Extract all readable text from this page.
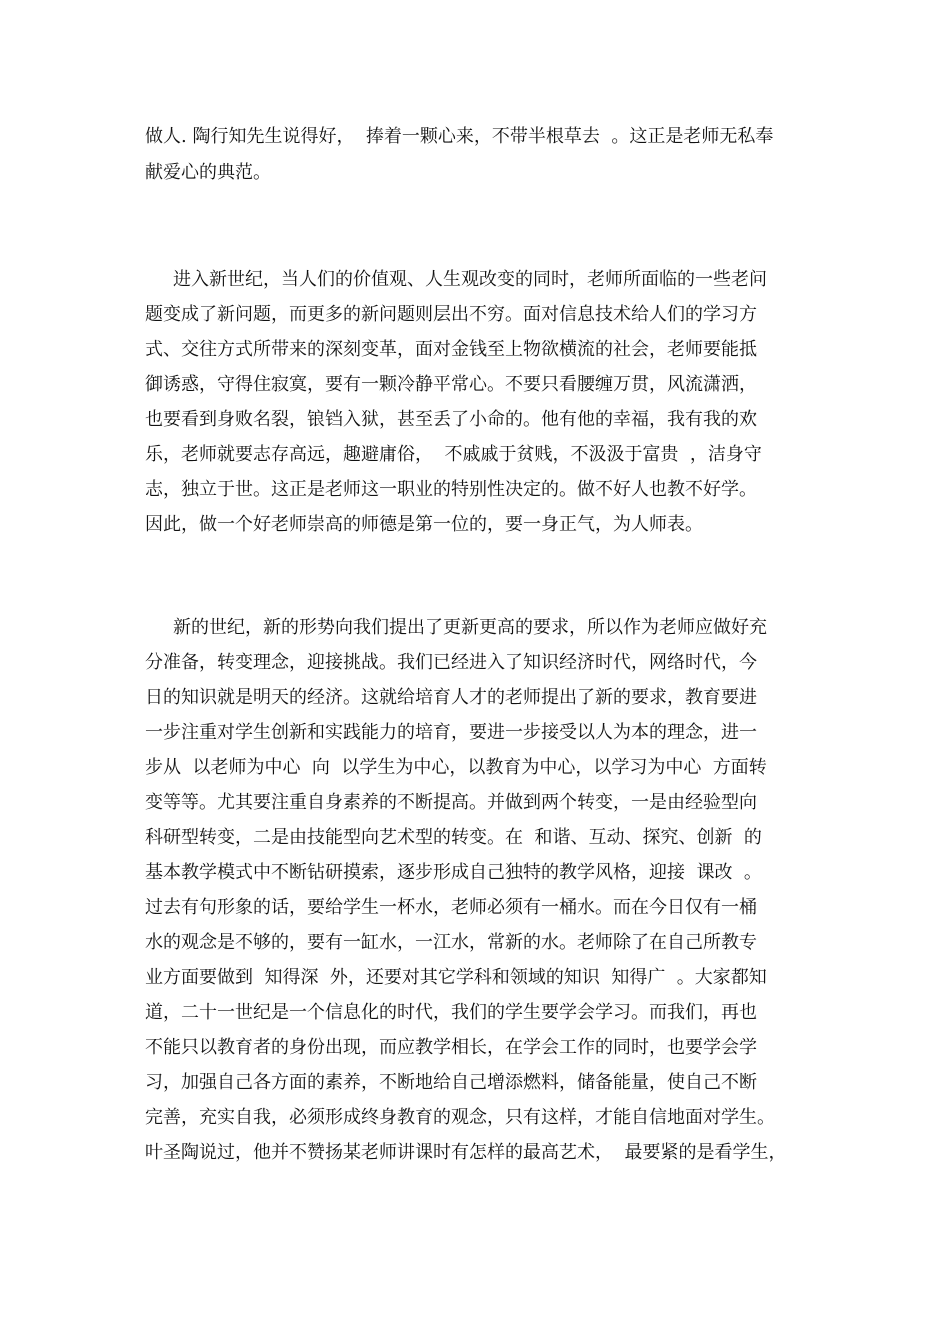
做人. 陶行知先生说得好，  捧着一颗心来，不带半根草去  。这正是老师无私奉

献爱心的典范。

进入新世纪，当人们的价值观、人生观改变的同时，老师所面临的一些老问

题变成了新问题，而更多的新问题则层出不穷。面对信息技术给人们的学习方

式、交往方式所带来的深刻变革，面对金钱至上物欲横流的社会，老师要能抵

御诱惑，守得住寂寞，要有一颗冷静平常心。不要只看腰缠万贯，风流潇洒，

也要看到身败名裂，锒铛入狱，甚至丢了小命的。他有他的幸福，我有我的欢

乐，老师就要志存高远，趣避庸俗，  不戚戚于贫贱，不汲汲于富贵  ，洁身守

志，独立于世。这正是老师这一职业的特别性决定的。做不好人也教不好学。

因此，做一个好老师崇高的师德是第一位的，要一身正气，为人师表。

新的世纪，新的形势向我们提出了更新更高的要求，所以作为老师应做好充

分准备，转变理念，迎接挑战。我们已经进入了知识经济时代，网络时代，今

日的知识就是明天的经济。这就给培育人才的老师提出了新的要求，教育要进

一步注重对学生创新和实践能力的培育，要进一步接受以人为本的理念，进一

步从  以老师为中心  向  以学生为中心，以教育为中心，以学习为中心  方面转

变等等。尤其要注重自身素养的不断提高。并做到两个转变，一是由经验型向

科研型转变，二是由技能型向艺术型的转变。在  和谐、互动、探究、创新  的

基本教学模式中不断钻研摸索，逐步形成自己独特的教学风格，迎接  课改  。

过去有句形象的话，要给学生一杯水，老师必须有一桶水。而在今日仅有一桶

水的观念是不够的，要有一缸水，一江水，常新的水。老师除了在自己所教专

业方面要做到  知得深  外，还要对其它学科和领域的知识  知得广  。大家都知

道，二十一世纪是一个信息化的时代，我们的学生要学会学习。而我们，再也

不能只以教育者的身份出现，而应教学相长，在学会工作的同时，也要学会学

习，加强自己各方面的素养，不断地给自己增添燃料，储备能量，使自己不断

完善，充实自我，必须形成终身教育的观念，只有这样，才能自信地面对学生。

叶圣陶说过，他并不赞扬某老师讲课时有怎样的最高艺术，  最要紧的是看学生，
